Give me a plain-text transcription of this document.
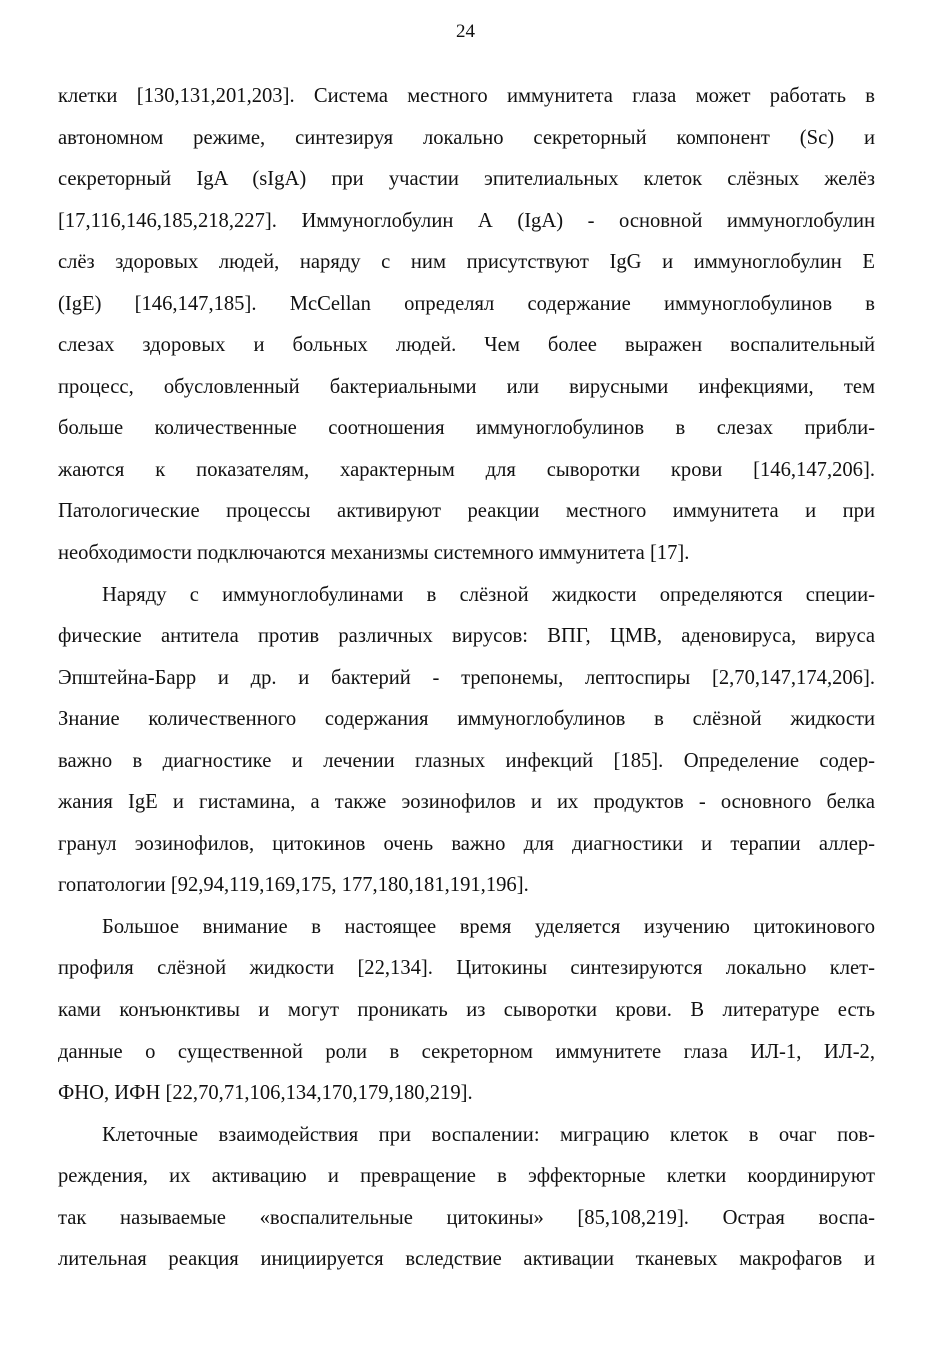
24
клетки [130,131,201,203]. Система местного иммунитета глаза может работать в
автономном режиме, синтезируя локально секреторный компонент (Sc) и
секреторный IgA (sIgA) при участии эпителиальных клеток слёзных желёз
[17,116,146,185,218,227]. Иммуноглобулин А (IgA) - основной иммуноглобулин
слёз здоровых людей, наряду с ним присутствуют IgG и иммуноглобулин Е
(IgE) [146,147,185]. McCellan определял содержание иммуноглобулинов в
слезах здоровых и больных людей. Чем более выражен воспалительный
процесс, обусловленный бактериальными или вирусными инфекциями, тем
больше количественные соотношения иммуноглобулинов в слезах прибли-
жаются к показателям, характерным для сыворотки крови [146,147,206].
Патологические процессы активируют реакции местного иммунитета и при
необходимости подключаются механизмы системного иммунитета [17].
Наряду с иммуноглобулинами в слёзной жидкости определяются специи-
фические антитела против различных вирусов: ВПГ, ЦМВ, аденовируса, вируса
Эпштейна-Барр и др. и бактерий - трепонемы, лептоспиры [2,70,147,174,206].
Знание количественного содержания иммуноглобулинов в слёзной жидкости
важно в диагностике и лечении глазных инфекций [185]. Определение содер-
жания IgE и гистамина, а также эозинофилов и их продуктов - основного белка
гранул эозинофилов, цитокинов очень важно для диагностики и терапии аллер-
гопатологии [92,94,119,169,175, 177,180,181,191,196].
Большое внимание в настоящее время уделяется изучению цитокинового
профиля слёзной жидкости [22,134]. Цитокины синтезируются локально клет-
ками конъюнктивы и могут проникать из сыворотки крови. В литературе есть
данные о существенной роли в секреторном иммунитете глаза ИЛ-1, ИЛ-2,
ФНО, ИФН [22,70,71,106,134,170,179,180,219].
Клеточные взаимодействия при воспалении: миграцию клеток в очаг пов-
реждения, их активацию и превращение в эффекторные клетки координируют
так называемые «воспалительные цитокины» [85,108,219]. Острая воспа-
лительная реакция инициируется вследствие активации тканевых макрофагов и
